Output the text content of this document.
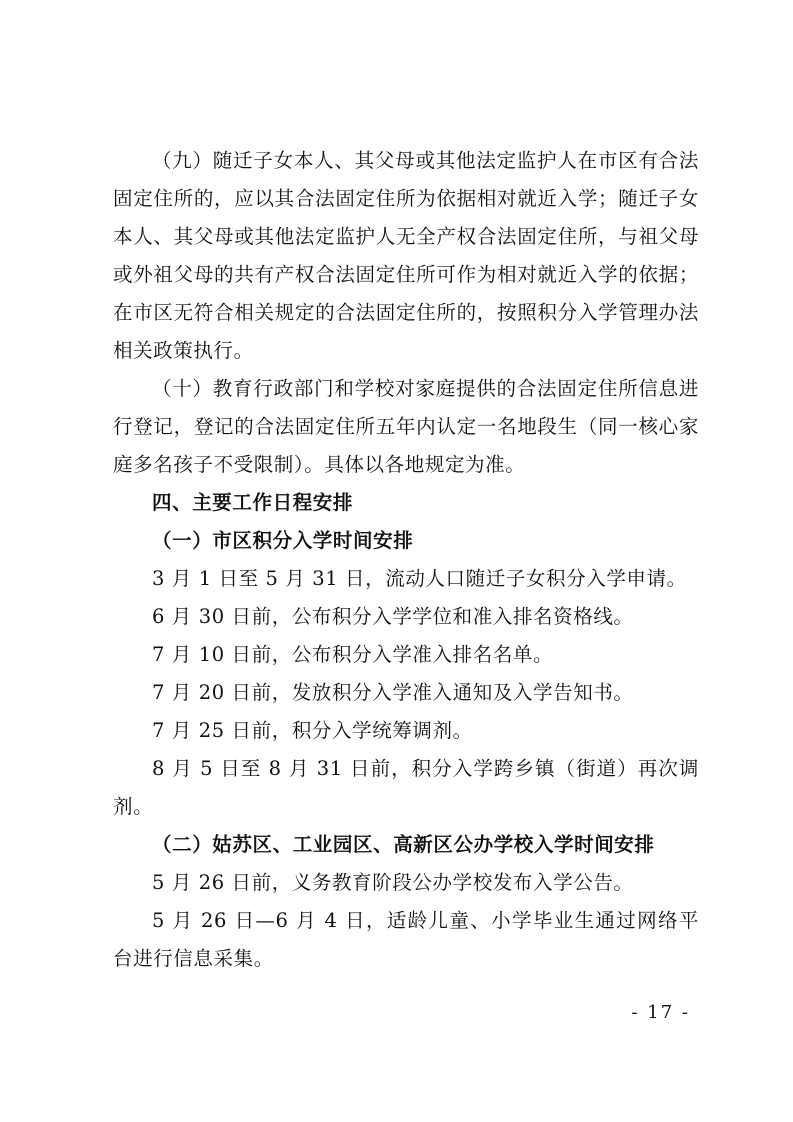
（九）随迁子女本人、其父母或其他法定监护人在市区有合法固定住所的，应以其合法固定住所为依据相对就近入学；随迁子女本人、其父母或其他法定监护人无全产权合法固定住所，与祖父母或外祖父母的共有产权合法固定住所可作为相对就近入学的依据；在市区无符合相关规定的合法固定住所的，按照积分入学管理办法相关政策执行。

（十）教育行政部门和学校对家庭提供的合法固定住所信息进行登记，登记的合法固定住所五年内认定一名地段生（同一核心家庭多名孩子不受限制）。具体以各地规定为准。

四、主要工作日程安排

（一）市区积分入学时间安排

3 月 1 日至 5 月 31 日，流动人口随迁子女积分入学申请。

6 月 30 日前，公布积分入学学位和准入排名资格线。

7 月 10 日前，公布积分入学准入排名名单。

7 月 20 日前，发放积分入学准入通知及入学告知书。

7 月 25 日前，积分入学统筹调剂。

8 月 5 日至 8 月 31 日前，积分入学跨乡镇（街道）再次调剂。

（二）姑苏区、工业园区、高新区公办学校入学时间安排

5 月 26 日前，义务教育阶段公办学校发布入学公告。

5 月 26 日—6 月 4 日，适龄儿童、小学毕业生通过网络平台进行信息采集。

- 17 -
